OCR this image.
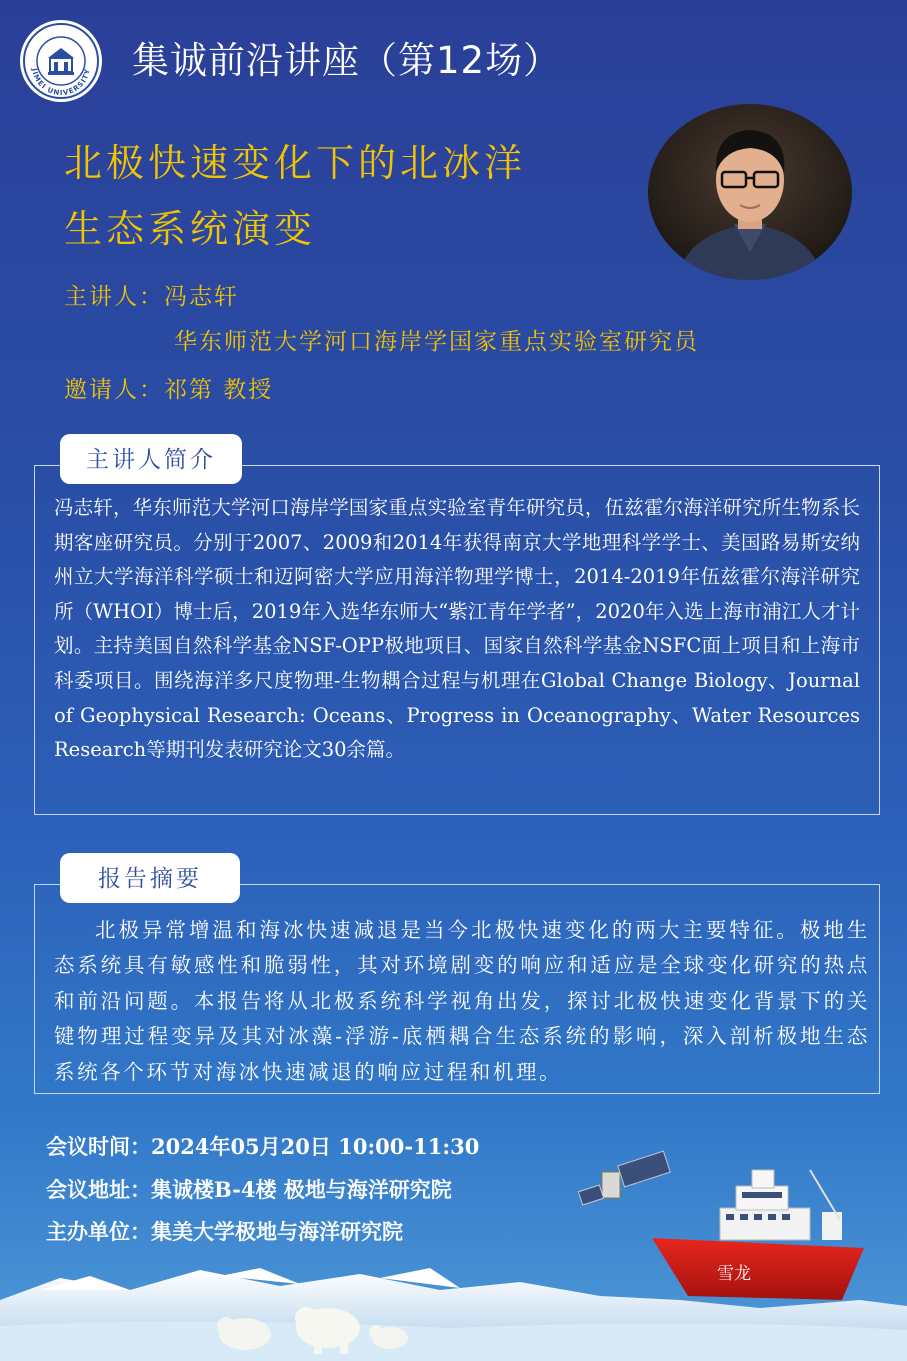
JIMEI UNIVERSITY 集诚前沿讲座（第12场）
北极快速变化下的北冰洋
生态系统演变
主讲人：冯志轩
华东师范大学河口海岸学国家重点实验室研究员
邀请人：祁第 教授
主讲人简介

冯志轩，华东师范大学河口海岸学国家重点实验室青年研究员，伍兹霍尔海洋研究所生物系长期客座研究员。分别于2007、2009和2014年获得南京大学地理科学学士、美国路易斯安纳州立大学海洋科学硕士和迈阿密大学应用海洋物理学博士，2014-2019年伍兹霍尔海洋研究所（WHOI）博士后，2019年入选华东师大“紫江青年学者”，2020年入选上海市浦江人才计划。主持美国自然科学基金NSF-OPP极地项目、国家自然科学基金NSFC面上项目和上海市科委项目。围绕海洋多尺度物理-生物耦合过程与机理在Global Change Biology、Journal of Geophysical Research: Oceans、Progress in Oceanography、Water Resources Research等期刊发表研究论文30余篇。

报告摘要

北极异常增温和海冰快速减退是当今北极快速变化的两大主要特征。极地生态系统具有敏感性和脆弱性，其对环境剧变的响应和适应是全球变化研究的热点和前沿问题。本报告将从北极系统科学视角出发，探讨北极快速变化背景下的关键物理过程变异及其对冰藻-浮游-底栖耦合生态系统的影响，深入剖析极地生态系统各个环节对海冰快速减退的响应过程和机理。

雪龙
会议时间：2024年05月20日 10:00-11:30
会议地址：集诚楼B-4楼 极地与海洋研究院
主办单位：集美大学极地与海洋研究院
